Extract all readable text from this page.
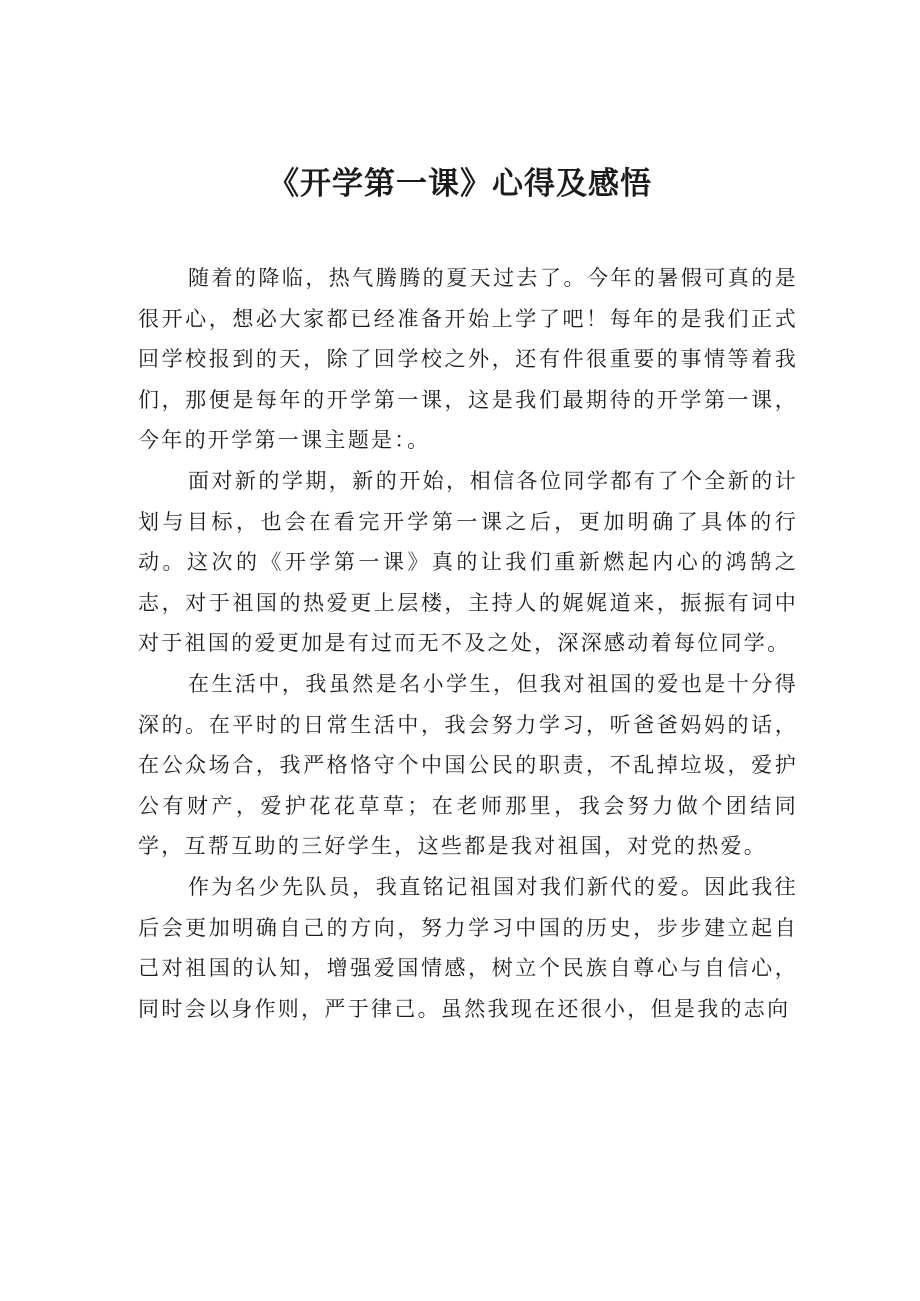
《开学第一课》心得及感悟

随着的降临，热气腾腾的夏天过去了。今年的暑假可真的是很开心，想必大家都已经准备开始上学了吧！每年的是我们正式回学校报到的天，除了回学校之外，还有件很重要的事情等着我们，那便是每年的开学第一课，这是我们最期待的开学第一课，今年的开学第一课主题是：。

面对新的学期，新的开始，相信各位同学都有了个全新的计划与目标，也会在看完开学第一课之后，更加明确了具体的行动。这次的《开学第一课》真的让我们重新燃起内心的鸿鹄之志，对于祖国的热爱更上层楼，主持人的娓娓道来，振振有词中对于祖国的爱更加是有过而无不及之处，深深感动着每位同学。

在生活中，我虽然是名小学生，但我对祖国的爱也是十分得深的。在平时的日常生活中，我会努力学习，听爸爸妈妈的话，在公众场合，我严格恪守个中国公民的职责，不乱掉垃圾，爱护公有财产，爱护花花草草；在老师那里，我会努力做个团结同学，互帮互助的三好学生，这些都是我对祖国，对党的热爱。

作为名少先队员，我直铭记祖国对我们新代的爱。因此我往后会更加明确自己的方向，努力学习中国的历史，步步建立起自己对祖国的认知，增强爱国情感，树立个民族自尊心与自信心，同时会以身作则，严于律己。虽然我现在还很小，但是我的志向
